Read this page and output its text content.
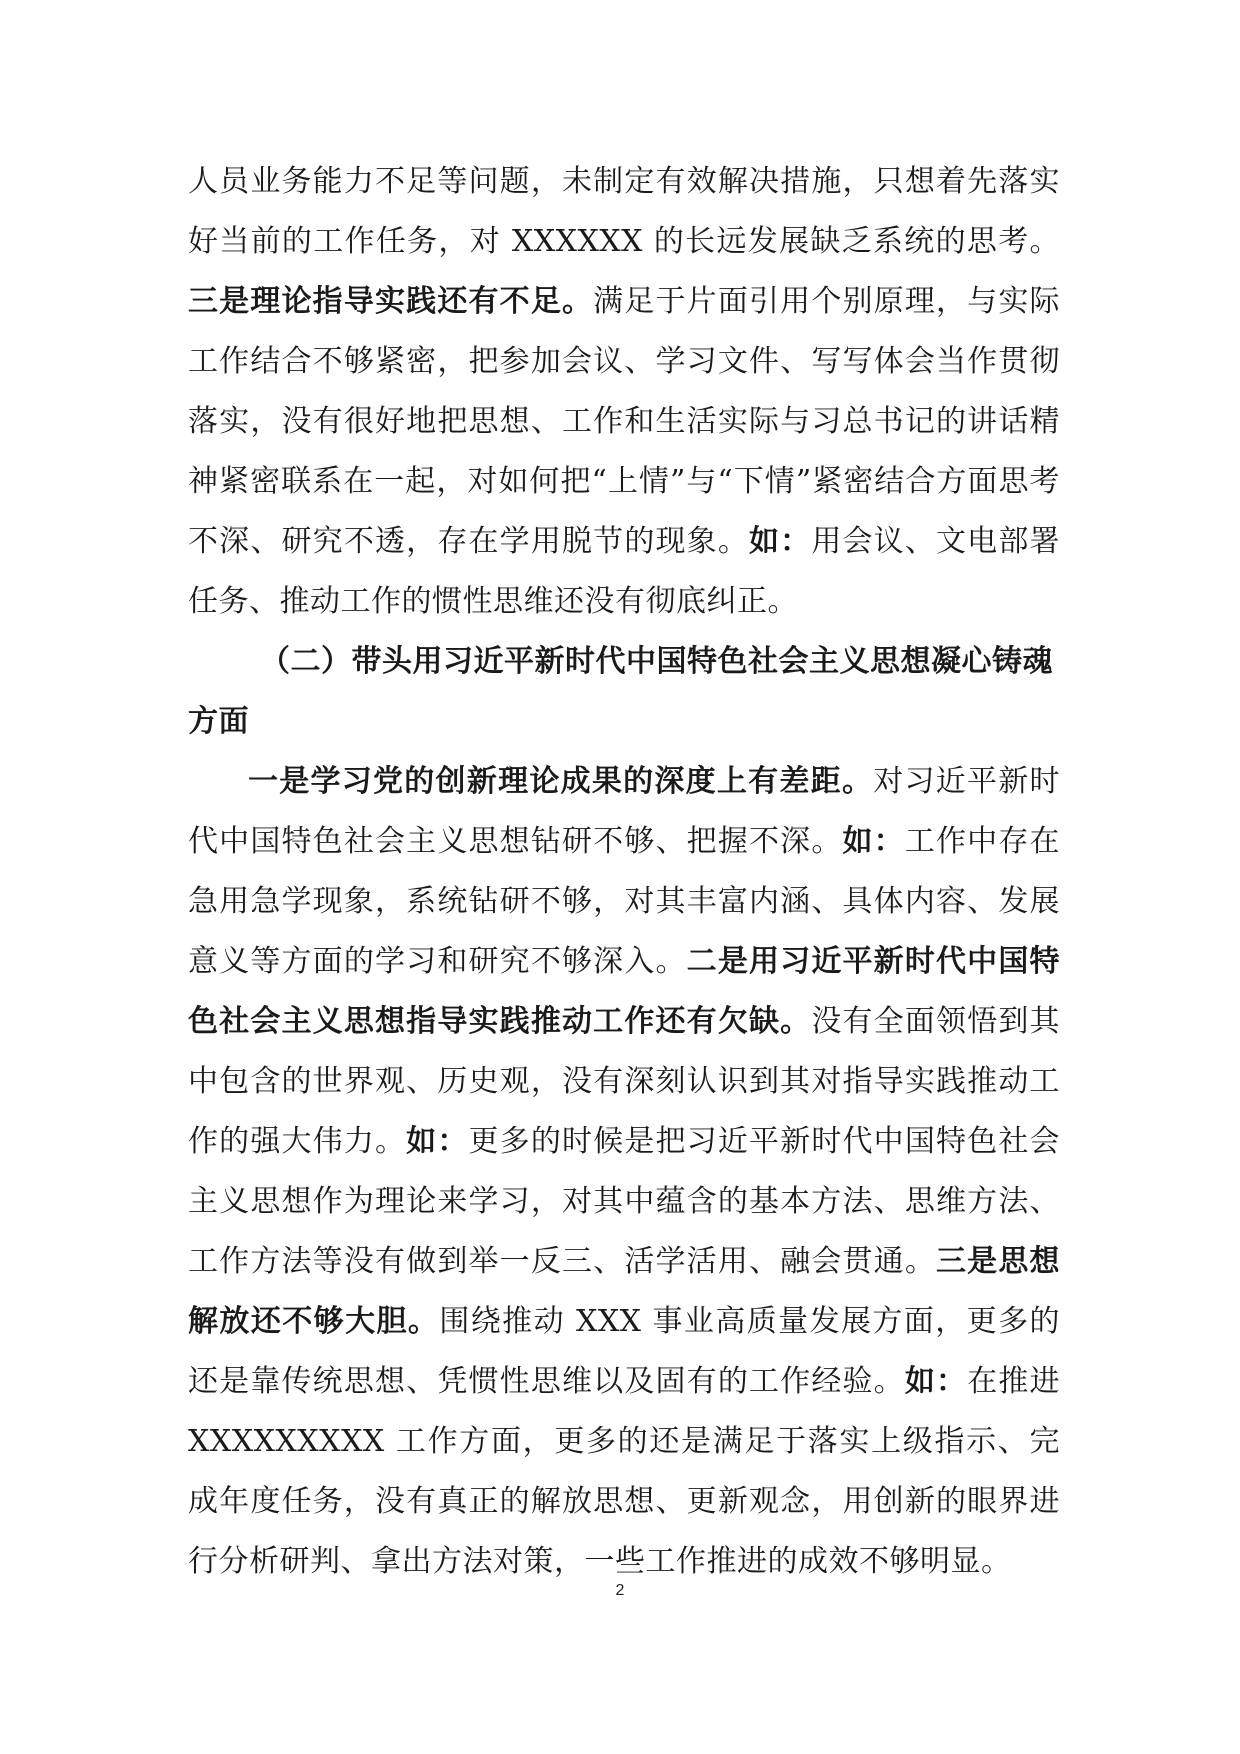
人员业务能力不足等问题，未制定有效解决措施，只想着先落实好当前的工作任务，对 XXXXXX 的长远发展缺乏系统的思考。三是理论指导实践还有不足。满足于片面引用个别原理，与实际工作结合不够紧密，把参加会议、学习文件、写写体会当作贯彻落实，没有很好地把思想、工作和生活实际与习总书记的讲话精神紧密联系在一起，对如何把“上情”与“下情”紧密结合方面思考不深、研究不透，存在学用脱节的现象。如：用会议、文电部署任务、推动工作的惯性思维还没有彻底纠正。

（二）带头用习近平新时代中国特色社会主义思想凝心铸魂方面

一是学习党的创新理论成果的深度上有差距。对习近平新时代中国特色社会主义思想钻研不够、把握不深。如：工作中存在急用急学现象，系统钻研不够，对其丰富内涵、具体内容、发展意义等方面的学习和研究不够深入。二是用习近平新时代中国特色社会主义思想指导实践推动工作还有欠缺。没有全面领悟到其中包含的世界观、历史观，没有深刻认识到其对指导实践推动工作的强大伟力。如：更多的时候是把习近平新时代中国特色社会主义思想作为理论来学习，对其中蕴含的基本方法、思维方法、工作方法等没有做到举一反三、活学活用、融会贯通。三是思想解放还不够大胆。围绕推动 XXX 事业高质量发展方面，更多的还是靠传统思想、凭惯性思维以及固有的工作经验。如：在推进 XXXXXXXXX 工作方面，更多的还是满足于落实上级指示、完成年度任务，没有真正的解放思想、更新观念，用创新的眼界进行分析研判、拿出方法对策，一些工作推进的成效不够明显。

2
